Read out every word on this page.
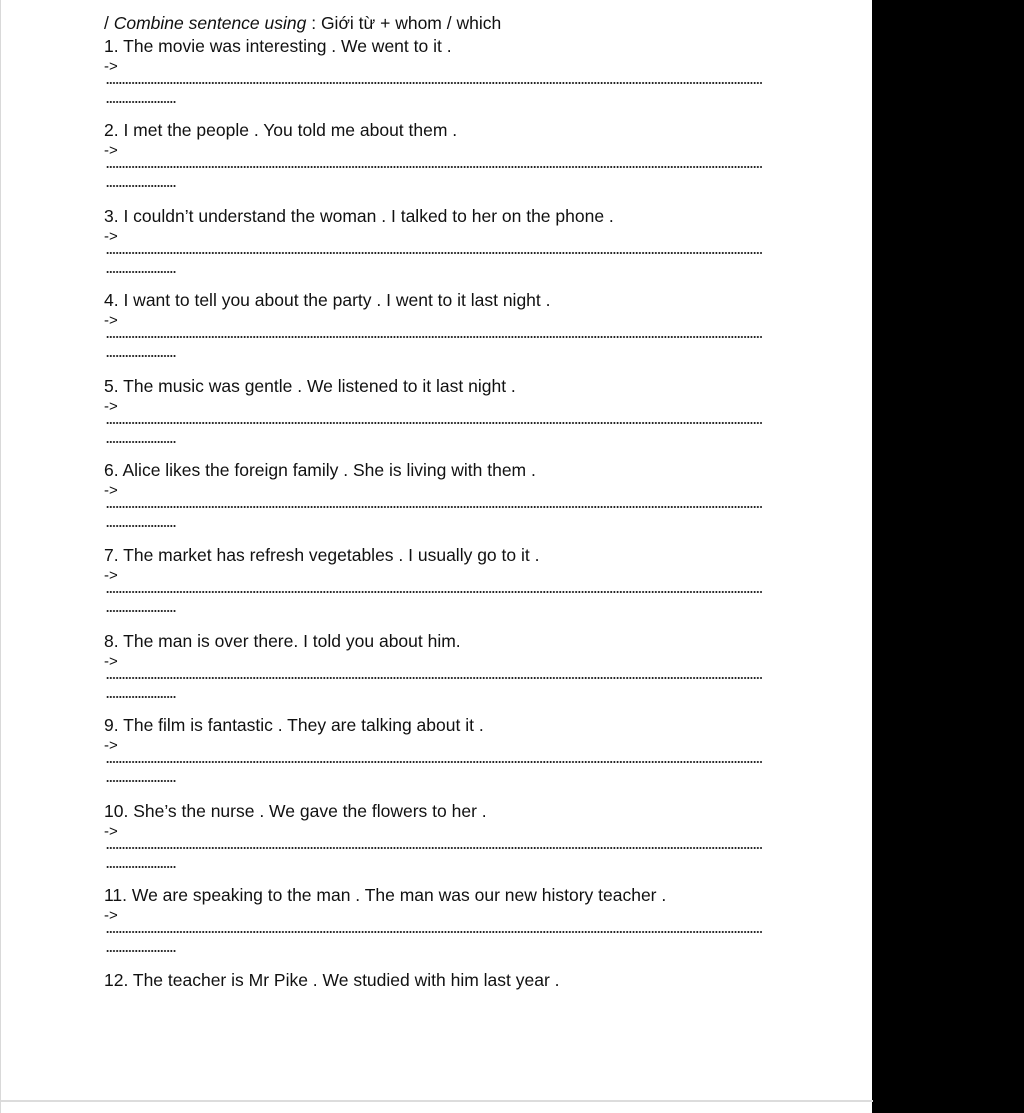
/ Combine sentence using : Giới từ + whom / which
1. The movie was interesting . We went to it .
->
2. I met the people . You told me about them .
->
3. I couldn’t understand the woman . I talked to her on the phone .
->
4. I want to tell you about the party . I went to it last night .
->
5. The music was gentle . We listened to it last night .
->
6. Alice likes the foreign family . She is living with them .
->
7. The market has refresh vegetables . I usually go to it .
->
8. The man is over there. I told you about him.
->
9. The film is fantastic . They are talking about it .
->
10. She’s the nurse . We gave the flowers to her .
->
11. We are speaking to the man . The man was our new history teacher .
->
12. The teacher is Mr Pike . We studied with him last year .
